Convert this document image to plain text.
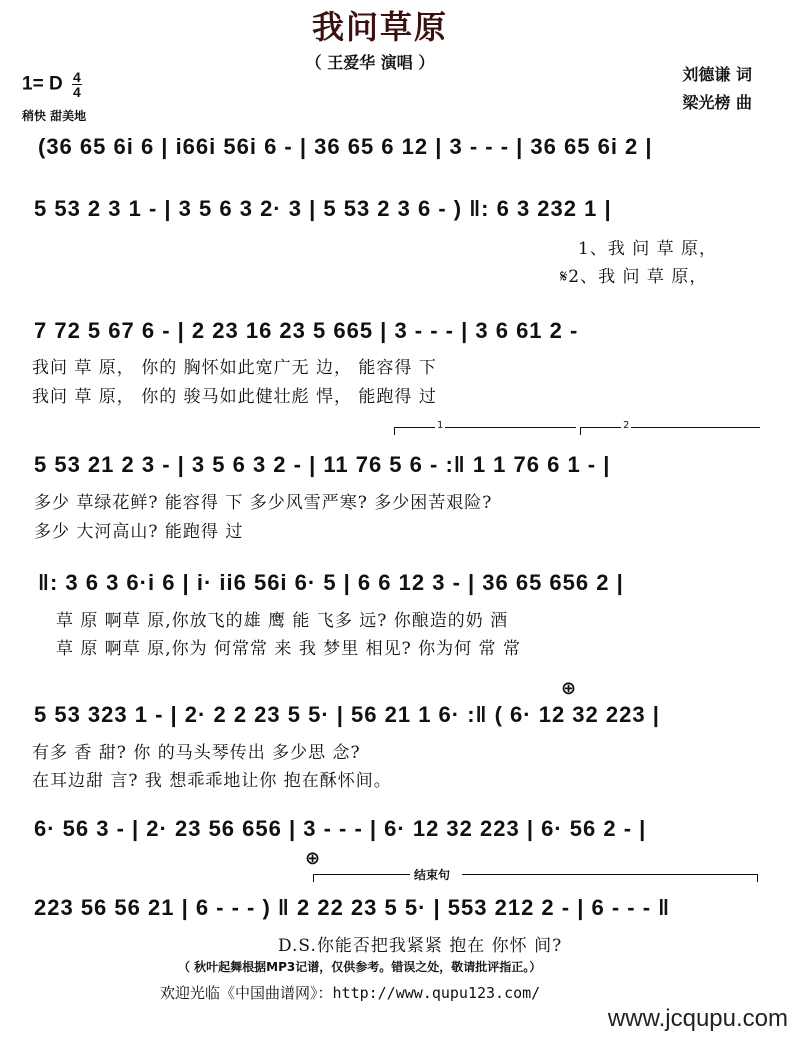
我问草原
（ 王爱华 演唱 ）
刘德谦 词
梁光榜 曲
1= D $\frac{4}{4}$
稍快 甜美地
(36 65 6i 6 | i66i 56i 6 - | 36 65 6 12 | 3 - - - | 36 65 6i 2 |
5 53 2 3 1 - | 3 5 6 3 2· 3 | 5 53 2 3 6 - ) ‖: 6 3 232 1 |
1、我 问 草 原，
𝄋2、我 问 草 原，
7 72 5 67 6 - | 2 23 16 23 5 665 | 3 - - - | 3 6 61 2 -
我问 草 原， 你的 胸怀如此宽广无 边， 能容得 下
我问 草 原， 你的 骏马如此健壮彪 悍， 能跑得 过
1	2
5 53 21 2 3 - | 3 5 6 3 2 - | 11 76 5 6 - :‖ 1 1 76 6 1 - |
多少 草绿花鲜? 能容得 下 多少风雪严寒? 多少困苦艰险?
多少 大河高山? 能跑得 过
‖: 3 6 3 6·i 6 | i· ii6 56i 6· 5 | 6 6 12 3 - | 36 65 656 2 |
草 原 啊草 原,你放飞的雄 鹰 能 飞多 远? 你酿造的奶 酒
草 原 啊草 原,你为 何常常 来 我 梦里 相见? 你为何 常 常
⊕
5 53 323 1 - | 2· 2 2 23 5 5· | 56 21 1 6· :‖ ( 6· 12 32 223 |
有多 香 甜? 你 的马头琴传出 多少思 念?
在耳边甜 言? 我 想乖乖地让你 抱在酥怀间。
6· 56 3 - | 2· 23 56 656 | 3 - - - | 6· 12 32 223 | 6· 56 2 - |
⊕
结束句
223 56 56 21 | 6 - - - ) ‖ 2 22 23 5 5· | 553 212 2 - | 6 - - - ‖
D.S.你能否把我紧紧 抱在 你怀 间?
（ 秋叶起舞根据MP3记谱，仅供参考。错误之处，敬请批评指正。）
欢迎光临《中国曲谱网》：http://www.qupu123.com/
www.jcqupu.com
